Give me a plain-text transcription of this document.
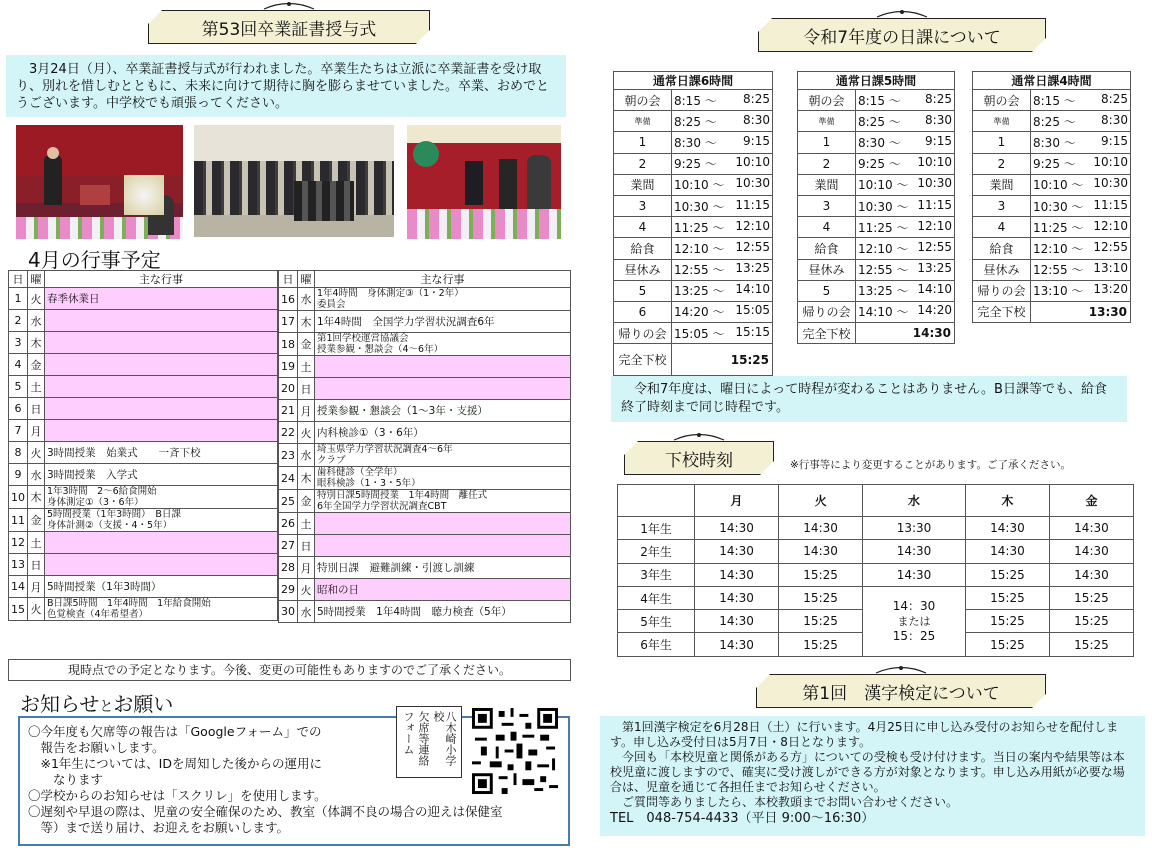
第53回卒業証書授与式
　3月24日（月）、卒業証書授与式が行われました。卒業生たちは立派に卒業証書を受け取り、別れを惜しむとともに、未来に向けて期待に胸を膨らませていました。卒業、おめでとうございます。中学校でも頑張ってください。
4月の行事予定
日	曜	主な行事
1	火	春季休業日
2	水	
3	木	
4	金	
5	土	
6	日	
7	月	
8	火	3時間授業　始業式　　一斉下校
9	水	3時間授業　入学式
10	木	1年3時間　2～6給食開始
身体測定①（3・6年）
11	金	5時間授業（1年3時間）　B日課
身体計測②（支援・4・5年）
12	土	
13	日	
14	月	5時間授業（1年3時間）
15	火	B日課5時間　1年4時間　1年給食開始
色覚検査（4年希望者）
日	曜	主な行事
16	水	1年4時間　身体測定③（1・2年）
委員会
17	木	1年4時間　全国学力学習状況調査6年
18	金	第1回学校運営協議会
授業参観・懇談会（4～6年）
19	土	
20	日	
21	月	授業参観・懇談会（1～3年・支援）
22	火	内科検診①（3・6年）
23	水	埼玉県学力学習状況調査4～6年
クラブ
24	木	歯科健診（全学年）
眼科検診（1・3・5年）
25	金	特別日課5時間授業　1年4時間　離任式
6年全国学力学習状況調査CBT
26	土	
27	日	
28	月	特別日課　避難訓練・引渡し訓練
29	火	昭和の日
30	水	5時間授業　1年4時間　聴力検査（5年）
現時点での予定となります。今後、変更の可能性もありますのでご了承ください。
お知らせとお願い
〇今年度も欠席等の報告は「Googleフォーム」での
　報告をお願いします。
　※1年生については、IDを周知した後からの運用に
　　なります
〇学校からのお知らせは「スクリレ」を使用します。
〇遅刻や早退の際は、児童の安全確保のため、教室（体調不良の場合の迎えは保健室
　等）まで送り届け、お迎えをお願いします。
八木崎小学校
欠席等連絡
フォーム
令和7年度の日課について
通常日課6時間	
朝の会	8:15 ～ 8:25

準備	8:25 ～ 8:30

1	8:30 ～ 9:15

2	9:25 ～ 10:10

業間	10:10 ～ 10:30

3	10:30 ～ 11:15

4	11:25 ～ 12:10

給食	12:10 ～ 12:55

昼休み	12:55 ～ 13:25

5	13:25 ～ 14:10

6	14:20 ～ 15:05

帰りの会	15:05 ～ 15:15

完全下校	15:25
通常日課5時間	
朝の会	8:15 ～ 8:25

準備	8:25 ～ 8:30

1	8:30 ～ 9:15

2	9:25 ～ 10:10

業間	10:10 ～ 10:30

3	10:30 ～ 11:15

4	11:25 ～ 12:10

給食	12:10 ～ 12:55

昼休み	12:55 ～ 13:25

5	13:25 ～ 14:10

帰りの会	14:10 ～ 14:20

完全下校	14:30
通常日課4時間	
朝の会	8:15 ～ 8:25

準備	8:25 ～ 8:30

1	8:30 ～ 9:15

2	9:25 ～ 10:10

業間	10:10 ～ 10:30

3	10:30 ～ 11:15

4	11:25 ～ 12:10

給食	12:10 ～ 12:55

昼休み	12:55 ～ 13:10

帰りの会	13:10 ～ 13:20

完全下校	13:30
　令和7年度は、曜日によって時程が変わることはありません。B日課等でも、給食終了時刻まで同じ時程です。
下校時刻	※行事等により変更することがあります。ご了承ください。
	月	火	水	木	金
1年生	14:30	14:30	13:30	14:30	14:30
2年生	14:30	14:30	14:30	14:30	14:30
3年生	14:30	15:25	14:30	15:25	14:30
4年生	14:30	15:25	14：30
または
15：25	15:25	15:25
5年生	14:30	15:25		15:25	15:25
6年生	14:30	15:25		15:25	15:25
第1回　漢字検定について
　第1回漢字検定を6月28日（土）に行います。4月25日に申し込み受付のお知らせを配付します。申し込み受付日は5月7日・8日となります。
　今回も「本校児童と関係がある方」についての受検も受け付けます。当日の案内や結果等は本校児童に渡しますので、確実に受け渡しができる方が対象となります。申し込み用紙が必要な場合は、児童を通じて各担任までお知らせください。
　ご質問等ありましたら、本校教頭までお問い合わせください。
TEL　048-754-4433（平日 9:00～16:30）
